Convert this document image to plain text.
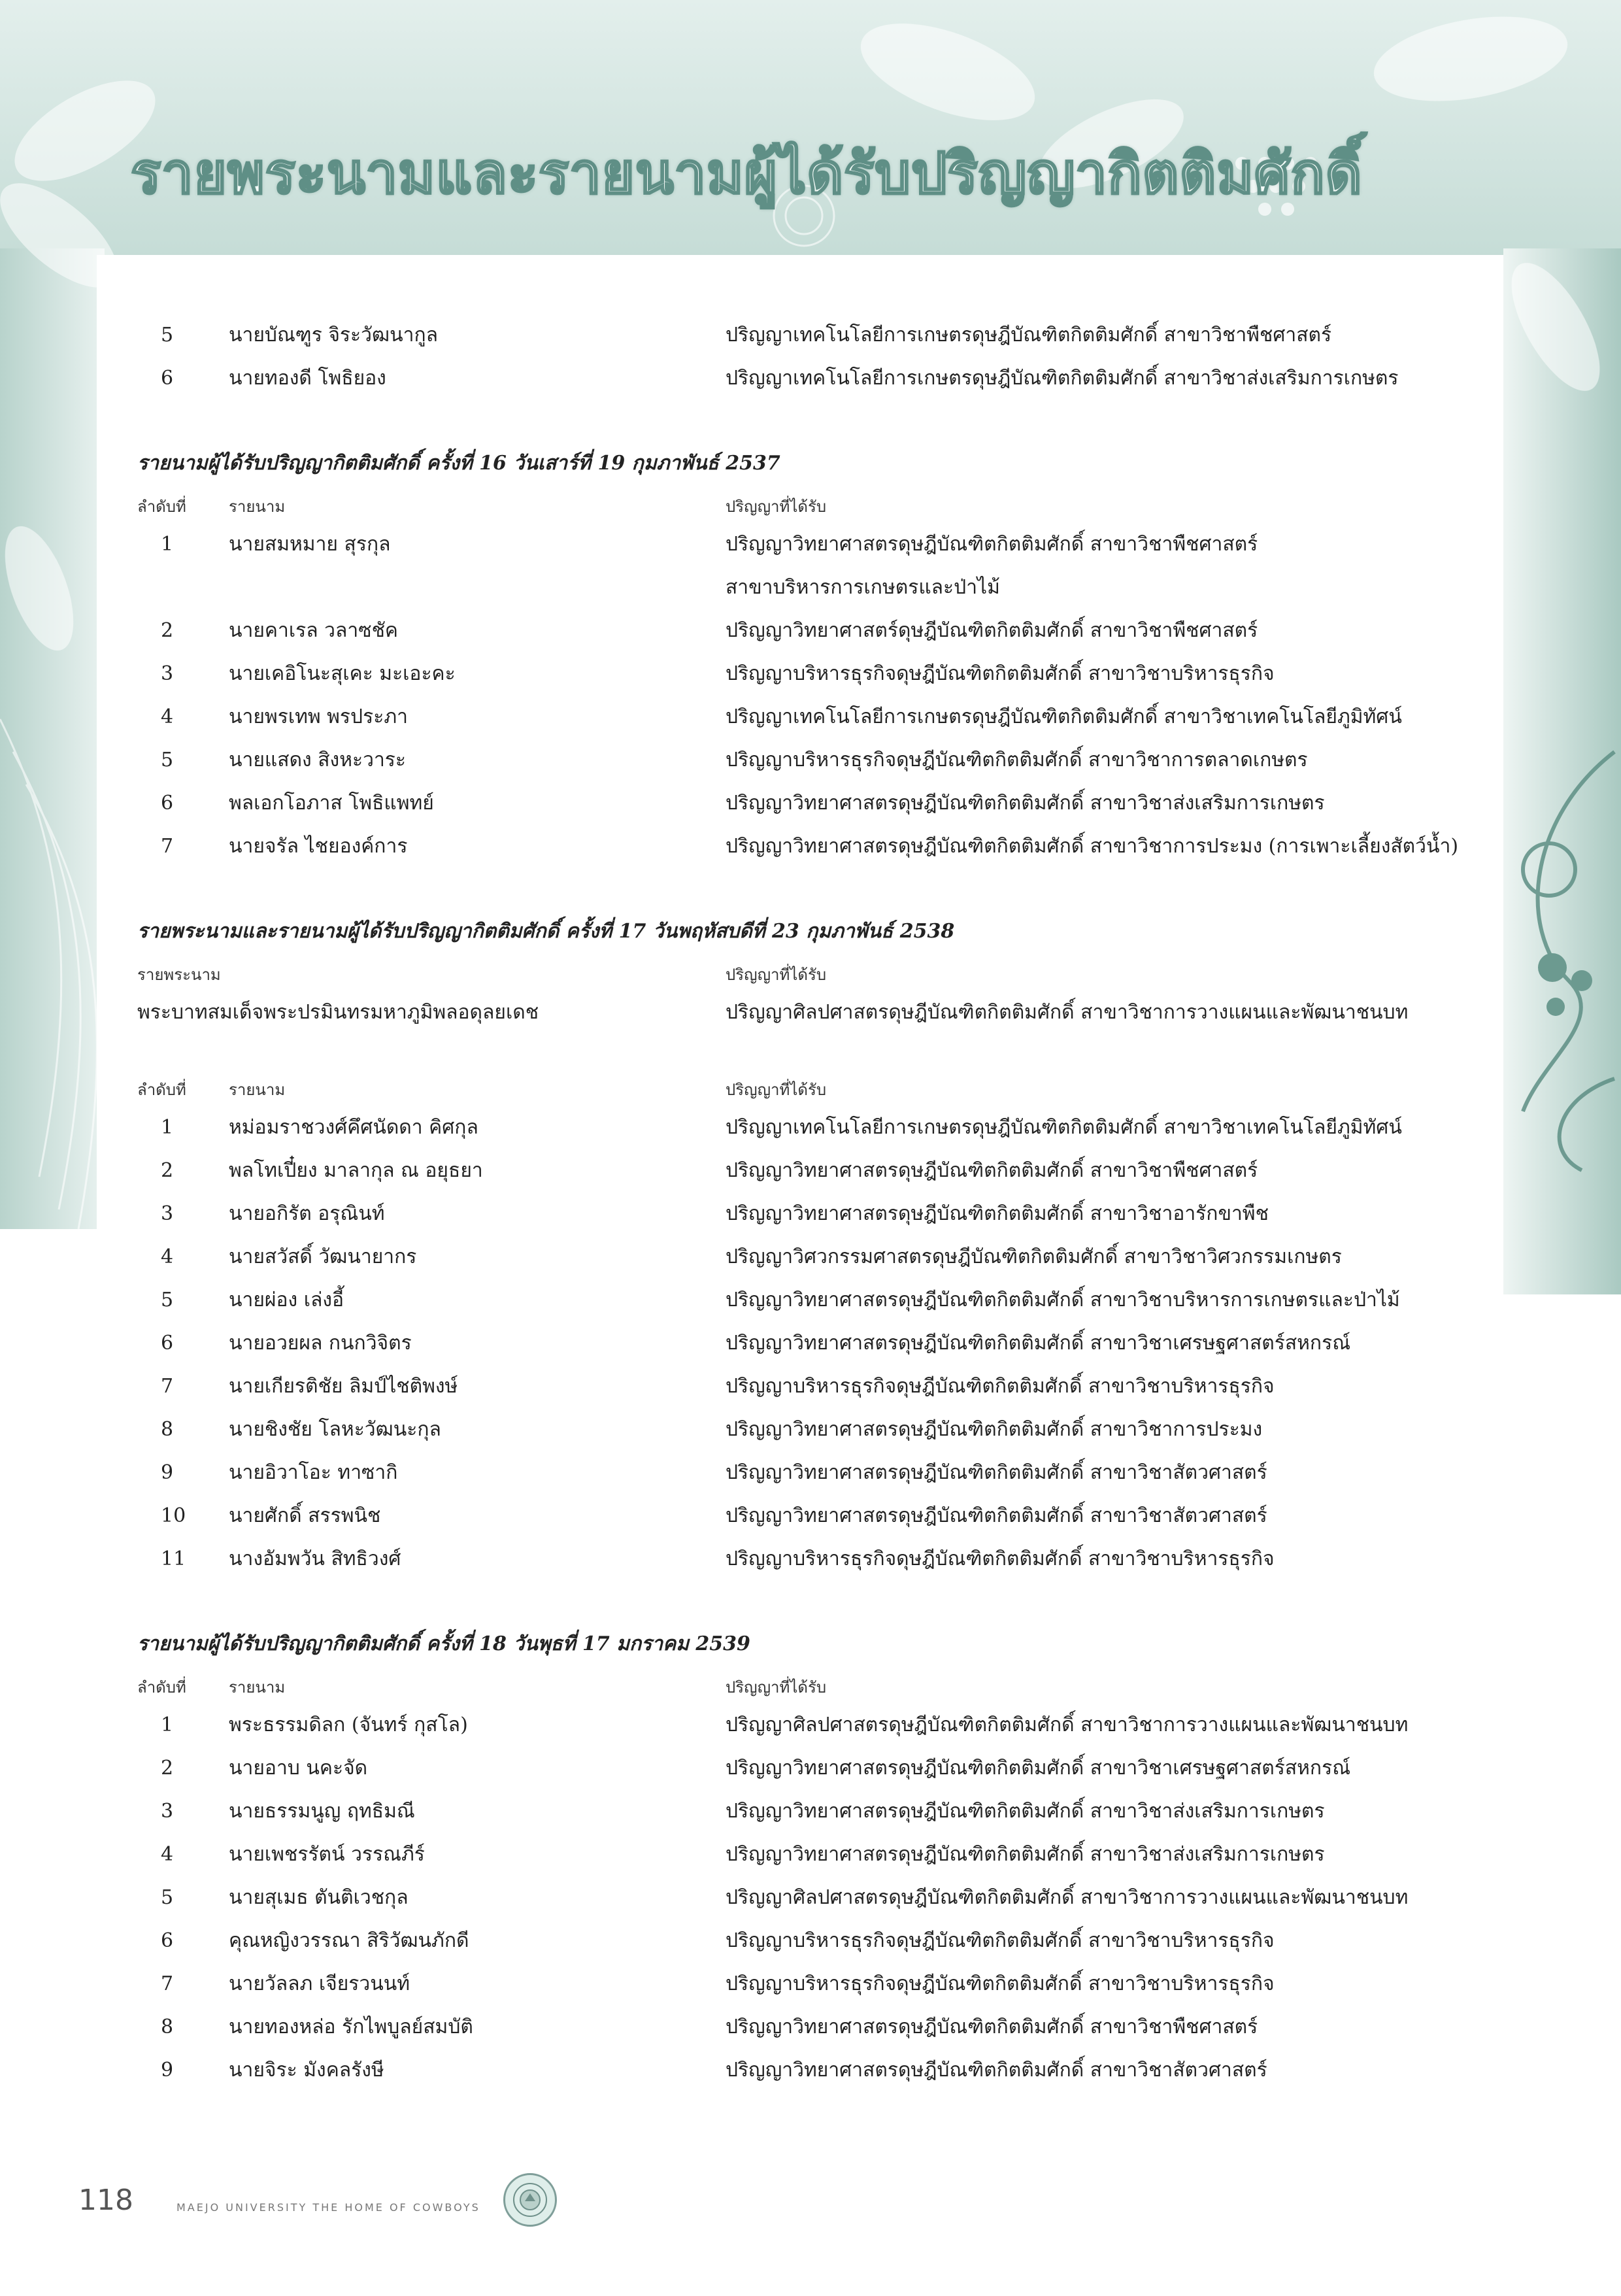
รายพระนามและรายนามผู้ได้รับปริญญากิตติมศักดิ์
5	นายบัณฑูร จิระวัฒนากูล	ปริญญาเทคโนโลยีการเกษตรดุษฎีบัณฑิตกิตติมศักดิ์ สาขาวิชาพืชศาสตร์
6	นายทองดี โพธิยอง	ปริญญาเทคโนโลยีการเกษตรดุษฎีบัณฑิตกิตติมศักดิ์ สาขาวิชาส่งเสริมการเกษตร
รายนามผู้ได้รับปริญญากิตติมศักดิ์ ครั้งที่ 16 วันเสาร์ที่ 19 กุมภาพันธ์ 2537
ลำดับที่	รายนาม	ปริญญาที่ได้รับ
1	นายสมหมาย สุรกุล	ปริญญาวิทยาศาสตรดุษฎีบัณฑิตกิตติมศักดิ์ สาขาวิชาพืชศาสตร์
สาขาบริหารการเกษตรและป่าไม้
2	นายคาเรล วลาซชัค	ปริญญาวิทยาศาสตร์ดุษฎีบัณฑิตกิตติมศักดิ์ สาขาวิชาพืชศาสตร์
3	นายเคอิโนะสุเคะ มะเอะคะ	ปริญญาบริหารธุรกิจดุษฎีบัณฑิตกิตติมศักดิ์ สาขาวิชาบริหารธุรกิจ
4	นายพรเทพ พรประภา	ปริญญาเทคโนโลยีการเกษตรดุษฎีบัณฑิตกิตติมศักดิ์ สาขาวิชาเทคโนโลยีภูมิทัศน์
5	นายแสดง สิงหะวาระ	ปริญญาบริหารธุรกิจดุษฎีบัณฑิตกิตติมศักดิ์ สาขาวิชาการตลาดเกษตร
6	พลเอกโอภาส โพธิแพทย์	ปริญญาวิทยาศาสตรดุษฎีบัณฑิตกิตติมศักดิ์ สาขาวิชาส่งเสริมการเกษตร
7	นายจรัล ไชยองค์การ	ปริญญาวิทยาศาสตรดุษฎีบัณฑิตกิตติมศักดิ์ สาขาวิชาการประมง (การเพาะเลี้ยงสัตว์น้ำ)
รายพระนามและรายนามผู้ได้รับปริญญากิตติมศักดิ์ ครั้งที่ 17 วันพฤหัสบดีที่ 23 กุมภาพันธ์ 2538
รายพระนาม	ปริญญาที่ได้รับ
พระบาทสมเด็จพระปรมินทรมหาภูมิพลอดุลยเดช	ปริญญาศิลปศาสตรดุษฎีบัณฑิตกิตติมศักดิ์ สาขาวิชาการวางแผนและพัฒนาชนบท
ลำดับที่	รายนาม	ปริญญาที่ได้รับ
1	หม่อมราชวงศ์คึศนัดดา คิศกุล	ปริญญาเทคโนโลยีการเกษตรดุษฎีบัณฑิตกิตติมศักดิ์ สาขาวิชาเทคโนโลยีภูมิทัศน์
2	พลโทเปี๋ยง มาลากุล ณ อยุธยา	ปริญญาวิทยาศาสตรดุษฎีบัณฑิตกิตติมศักดิ์ สาขาวิชาพืชศาสตร์
3	นายอกิรัต อรุณินท์	ปริญญาวิทยาศาสตรดุษฎีบัณฑิตกิตติมศักดิ์ สาขาวิชาอารักขาพืช
4	นายสวัสดิ์ วัฒนายากร	ปริญญาวิศวกรรมศาสตรดุษฎีบัณฑิตกิตติมศักดิ์ สาขาวิชาวิศวกรรมเกษตร
5	นายผ่อง เล่งอี้	ปริญญาวิทยาศาสตรดุษฎีบัณฑิตกิตติมศักดิ์ สาขาวิชาบริหารการเกษตรและป่าไม้
6	นายอวยผล กนกวิจิตร	ปริญญาวิทยาศาสตรดุษฎีบัณฑิตกิตติมศักดิ์ สาขาวิชาเศรษฐศาสตร์สหกรณ์
7	นายเกียรติชัย ลิมป์ไชติพงษ์	ปริญญาบริหารธุรกิจดุษฎีบัณฑิตกิตติมศักดิ์ สาขาวิชาบริหารธุรกิจ
8	นายชิงชัย โลหะวัฒนะกุล	ปริญญาวิทยาศาสตรดุษฎีบัณฑิตกิตติมศักดิ์ สาขาวิชาการประมง
9	นายอิวาโอะ ทาซากิ	ปริญญาวิทยาศาสตรดุษฎีบัณฑิตกิตติมศักดิ์ สาขาวิชาสัตวศาสตร์
10	นายศักดิ์ สรรพนิช	ปริญญาวิทยาศาสตรดุษฎีบัณฑิตกิตติมศักดิ์ สาขาวิชาสัตวศาสตร์
11	นางอัมพวัน สิทธิวงศ์	ปริญญาบริหารธุรกิจดุษฎีบัณฑิตกิตติมศักดิ์ สาขาวิชาบริหารธุรกิจ
รายนามผู้ได้รับปริญญากิตติมศักดิ์ ครั้งที่ 18 วันพุธที่ 17 มกราคม 2539
ลำดับที่	รายนาม	ปริญญาที่ได้รับ
1	พระธรรมดิลก (จันทร์ กุสโล)	ปริญญาศิลปศาสตรดุษฎีบัณฑิตกิตติมศักดิ์ สาขาวิชาการวางแผนและพัฒนาชนบท
2	นายอาบ นคะจัด	ปริญญาวิทยาศาสตรดุษฎีบัณฑิตกิตติมศักดิ์ สาขาวิชาเศรษฐศาสตร์สหกรณ์
3	นายธรรมนูญ ฤทธิมณี	ปริญญาวิทยาศาสตรดุษฎีบัณฑิตกิตติมศักดิ์ สาขาวิชาส่งเสริมการเกษตร
4	นายเพชรรัตน์ วรรณภีร์	ปริญญาวิทยาศาสตรดุษฎีบัณฑิตกิตติมศักดิ์ สาขาวิชาส่งเสริมการเกษตร
5	นายสุเมธ ตันติเวชกุล	ปริญญาศิลปศาสตรดุษฎีบัณฑิตกิตติมศักดิ์ สาขาวิชาการวางแผนและพัฒนาชนบท
6	คุณหญิงวรรณา สิริวัฒนภักดี	ปริญญาบริหารธุรกิจดุษฎีบัณฑิตกิตติมศักดิ์ สาขาวิชาบริหารธุรกิจ
7	นายวัลลภ เจียรวนนท์	ปริญญาบริหารธุรกิจดุษฎีบัณฑิตกิตติมศักดิ์ สาขาวิชาบริหารธุรกิจ
8	นายทองหล่อ รักไพบูลย์สมบัติ	ปริญญาวิทยาศาสตรดุษฎีบัณฑิตกิตติมศักดิ์ สาขาวิชาพืชศาสตร์
9	นายจิระ มังคลรังษี	ปริญญาวิทยาศาสตรดุษฎีบัณฑิตกิตติมศักดิ์ สาขาวิชาสัตวศาสตร์
118	MAEJO UNIVERSITY THE HOME OF COWBOYS
